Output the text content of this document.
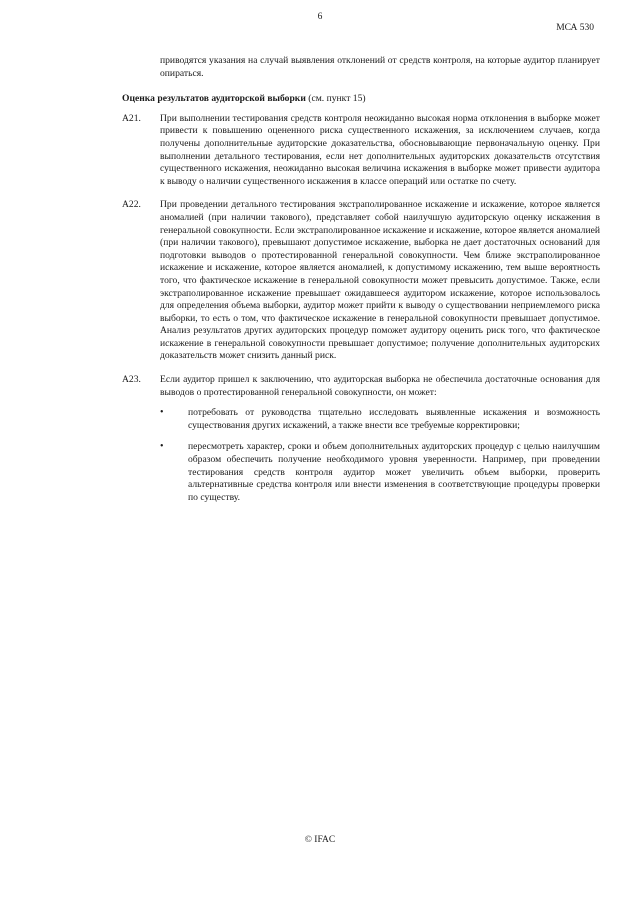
6
МСА 530

приводятся указания на случай выявления отклонений от средств контроля, на которые аудитор планирует опираться.

Оценка результатов аудиторской выборки (см. пункт 15)
A21.	При выполнении тестирования средств контроля неожиданно высокая норма отклонения в выборке может привести к повышению оцененного риска существенного искажения, за исключением случаев, когда получены дополнительные аудиторские доказательства, обосновывающие первоначальную оценку. При выполнении детального тестирования, если нет дополнительных аудиторских доказательств отсутствия существенного искажения, неожиданно высокая величина искажения в выборке может привести аудитора к выводу о наличии существенного искажения в классе операций или остатке по счету.
A22.	При проведении детального тестирования экстраполированное искажение и искажение, которое является аномалией (при наличии такового), представляет собой наилучшую аудиторскую оценку искажения в генеральной совокупности. Если экстраполированное искажение и искажение, которое является аномалией (при наличии такового), превышают допустимое искажение, выборка не дает достаточных оснований для подготовки выводов о протестированной генеральной совокупности. Чем ближе экстраполированное искажение и искажение, которое является аномалией, к допустимому искажению, тем выше вероятность того, что фактическое искажение в генеральной совокупности может превысить допустимое. Также, если экстраполированное искажение превышает ожидавшееся аудитором искажение, которое использовалось для определения объема выборки, аудитор может прийти к выводу о существовании неприемлемого риска выборки, то есть о том, что фактическое искажение в генеральной совокупности превышает допустимое. Анализ результатов других аудиторских процедур поможет аудитору оценить риск того, что фактическое искажение в генеральной совокупности превышает допустимое; получение дополнительных аудиторских доказательств может снизить данный риск.
A23.	Если аудитор пришел к заключению, что аудиторская выборка не обеспечила достаточные основания для выводов о протестированной генеральной совокупности, он может:

•	потребовать от руководства тщательно исследовать выявленные искажения и возможность существования других искажений, а также внести все требуемые корректировки;
•	пересмотреть характер, сроки и объем дополнительных аудиторских процедур с целью наилучшим образом обеспечить получение необходимого уровня уверенности. Например, при проведении тестирования средств контроля аудитор может увеличить объем выборки, проверить альтернативные средства контроля или внести изменения в соответствующие процедуры проверки по существу.
© IFAC
